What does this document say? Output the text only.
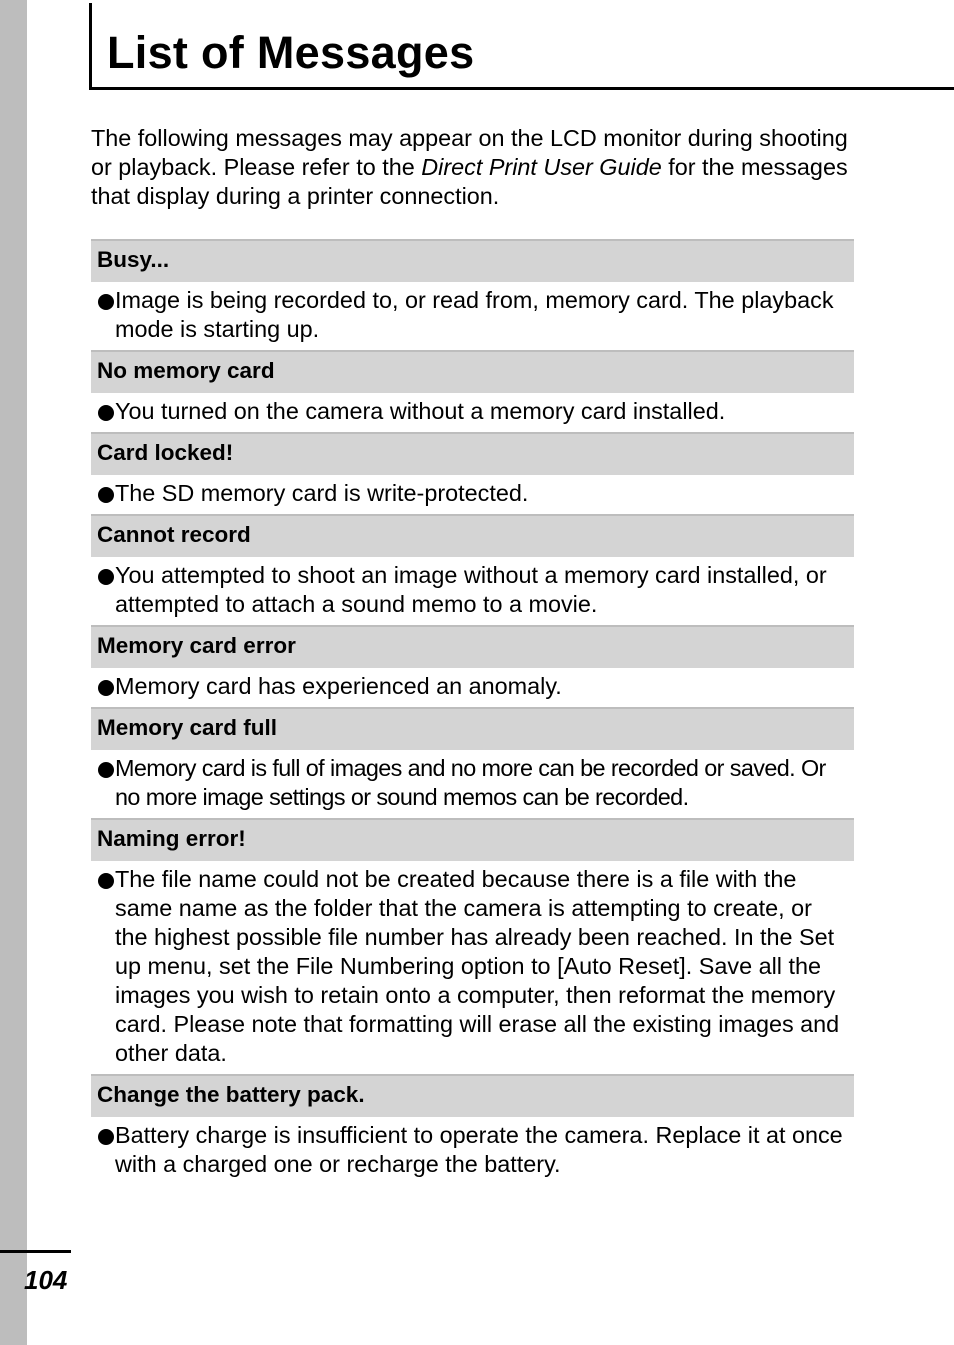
List of Messages

The following messages may appear on the LCD monitor during shooting or playback. Please refer to the Direct Print User Guide for the messages that display during a printer connection.

Busy...
Image is being recorded to, or read from, memory card. The playback mode is starting up.
No memory card
You turned on the camera without a memory card installed.
Card locked!
The SD memory card is write-protected.
Cannot record
You attempted to shoot an image without a memory card installed, or attempted to attach a sound memo to a movie.
Memory card error
Memory card has experienced an anomaly.
Memory card full
Memory card is full of images and no more can be recorded or saved. Or no more image settings or sound memos can be recorded.
Naming error!
The file name could not be created because there is a file with the same name as the folder that the camera is attempting to create, or the highest possible file number has already been reached. In the Set up menu, set the File Numbering option to [Auto Reset]. Save all the images you wish to retain onto a computer, then reformat the memory card. Please note that formatting will erase all the existing images and other data.
Change the battery pack.
Battery charge is insufficient to operate the camera. Replace it at once with a charged one or recharge the battery.
104
